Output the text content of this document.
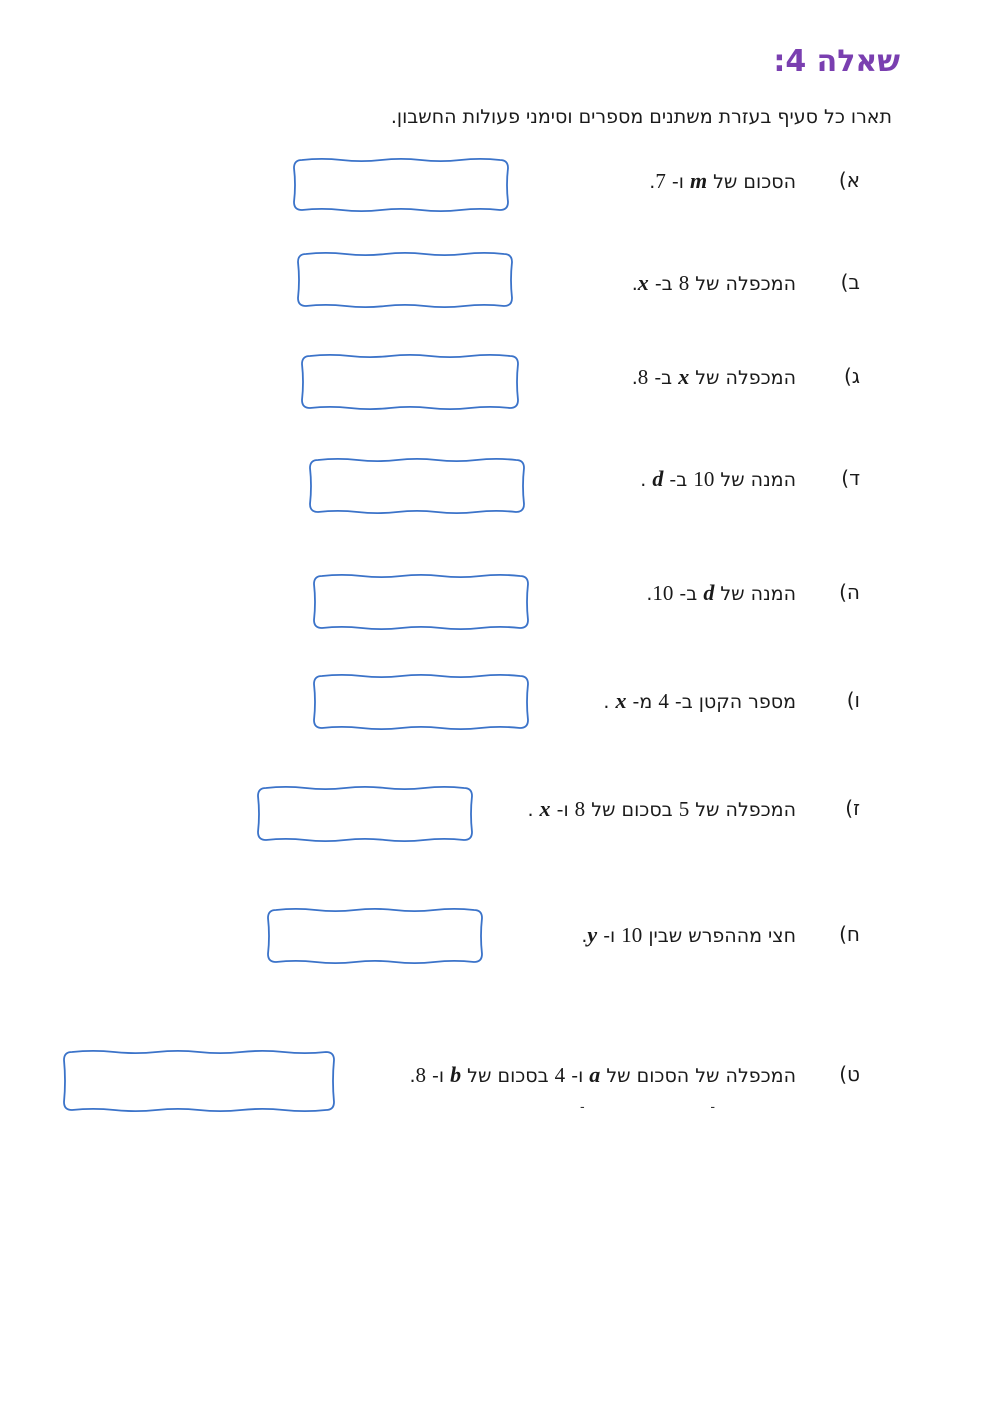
שאלה 4:
תארו כל סעיף בעזרת משתנים מספרים וסימני פעולות החשבון.
א)
הסכום של m ו- 7.
ב)
המכפלה של 8 ב- x.
ג)
המכפלה של x ב- 8.
ד)
המנה של 10 ב- d .
ה)
המנה של d ב- 10.
ו)
מספר הקטן ב- 4 מ- x .
ז)
המכפלה של 5 בסכום של 8 ו- x .
ח)
חצי מההפרש שבין 10 ו- y.
ט)
המכפלה של הסכום של a ו- 4 בסכום של b ו- 8.
-                     -
